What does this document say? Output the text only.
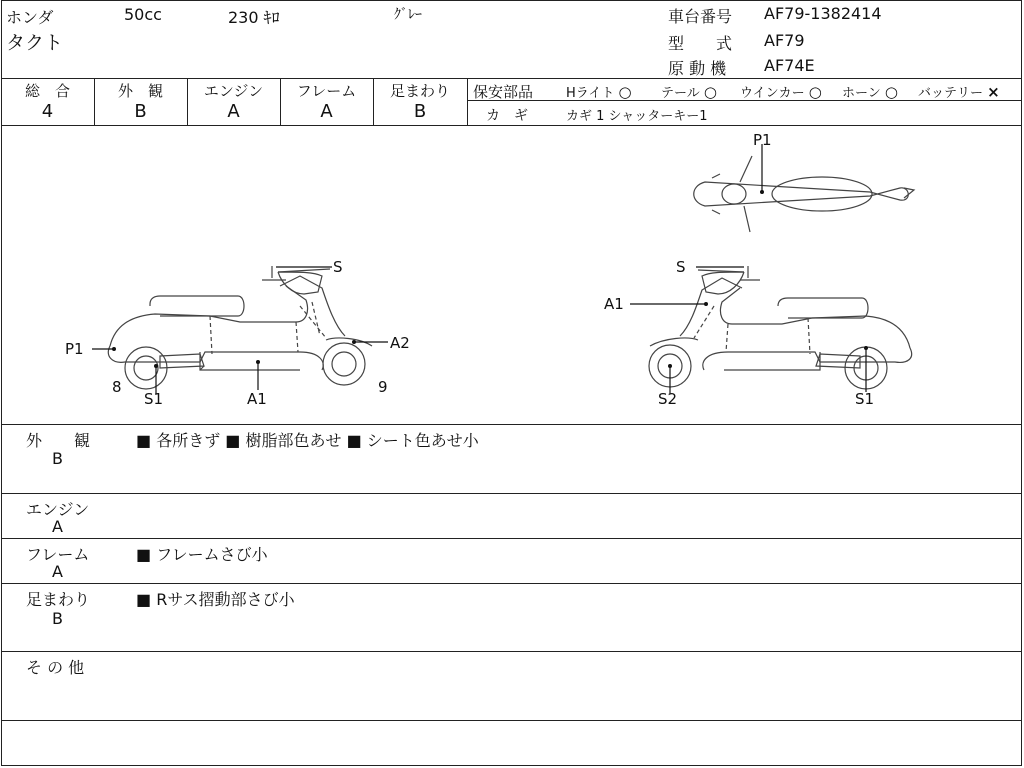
ホンダ	50cc	230 ｷﾛ	ｸﾞﾚｰ
タクト
車台番号 AF79-1382414
型　　式 AF79
原 動 機 AF74E
総　合
4
外　観
B
エンジン
A
フレーム
A
足まわり
B
保安部品	Hライト ○ テール ○ ウインカー ○ ホーン ○ バッテリー ×
カ　ギ	カギ 1 シャッターキー1
P1
S
P1	A2
8	9
S1	A1
S
A1
S2	S1
外　　観
B
■ 各所きず ■ 樹脂部色あせ ■ シート色あせ小
エンジン
A
フレーム
A
■ フレームさび小
足まわり
B
■ Rサス摺動部さび小
そ の 他
